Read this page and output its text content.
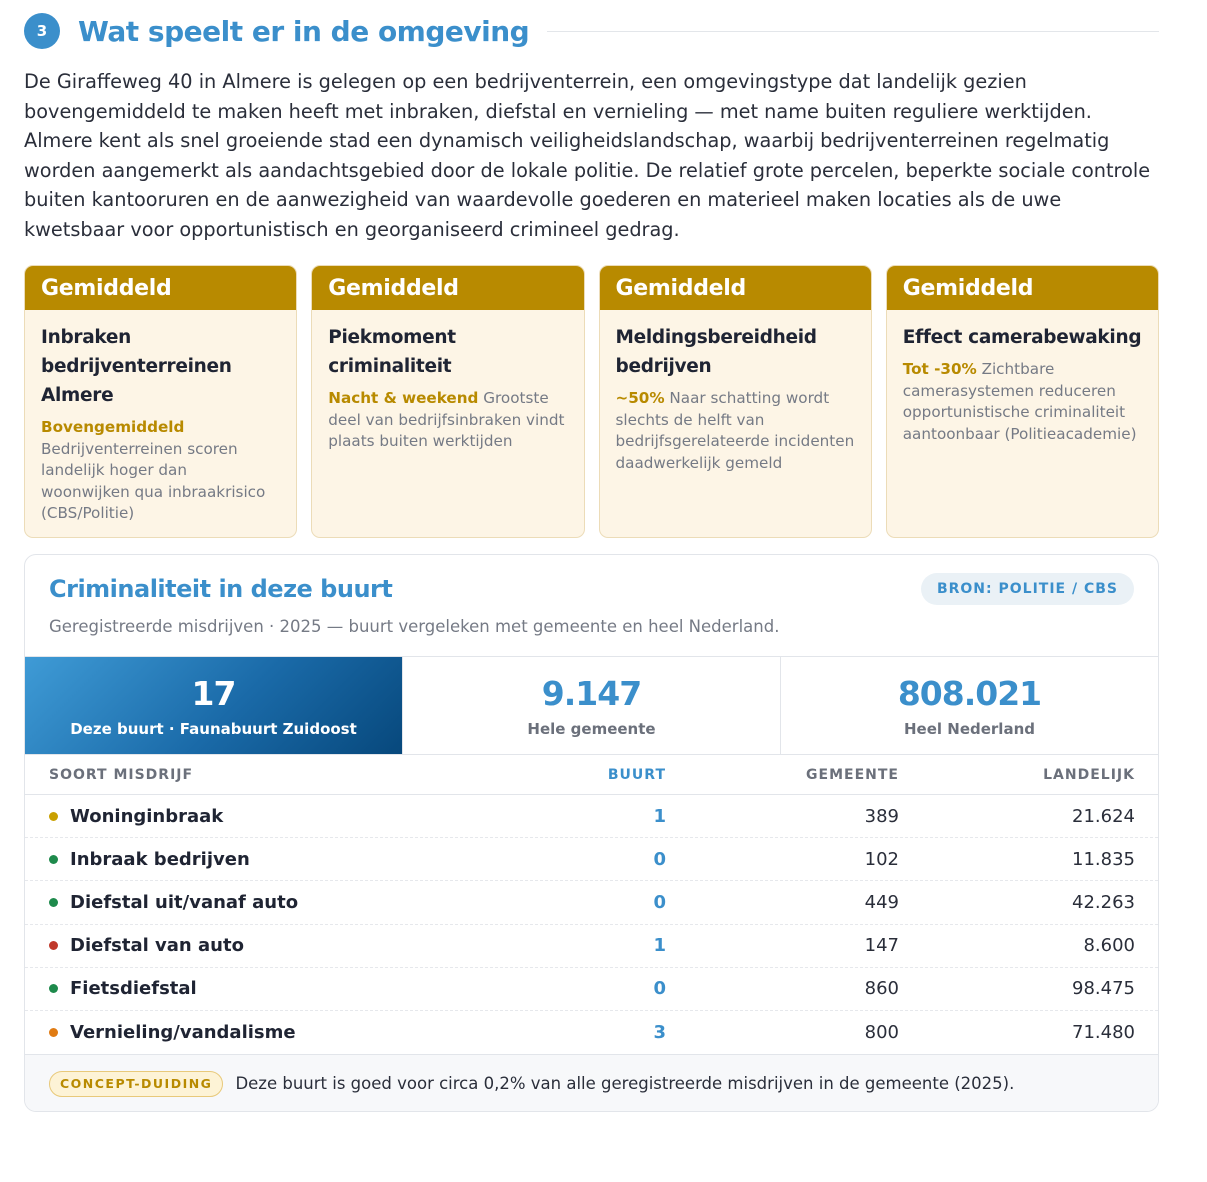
3	Wat speelt er in de omgeving

De Giraffeweg 40 in Almere is gelegen op een bedrijventerrein, een omgevingstype dat landelijk gezien bovengemiddeld te maken heeft met inbraken, diefstal en vernieling — met name buiten reguliere werktijden. Almere kent als snel groeiende stad een dynamisch veiligheidslandschap, waarbij bedrijventerreinen regelmatig worden aangemerkt als aandachtsgebied door de lokale politie. De relatief grote percelen, beperkte sociale controle buiten kantooruren en de aanwezigheid van waardevolle goederen en materieel maken locaties als de uwe kwetsbaar voor opportunistisch en georganiseerd crimineel gedrag.

Gemiddeld
Inbraken bedrijventerreinen Almere
Bovengemiddeld
Bedrijventerreinen scoren landelijk hoger dan woonwijken qua inbraakrisico (CBS/Politie)
Gemiddeld
Piekmoment criminaliteit
Nacht & weekend Grootste deel van bedrijfsinbraken vindt plaats buiten werktijden
Gemiddeld
Meldingsbereidheid bedrijven
~50% Naar schatting wordt slechts de helft van bedrijfsgerelateerde incidenten daadwerkelijk gemeld
Gemiddeld
Effect camerabewaking
Tot -30% Zichtbare camerasystemen reduceren opportunistische criminaliteit aantoonbaar (Politieacademie)
Criminaliteit in deze buurt	BRON: POLITIE / CBS
Geregistreerde misdrijven · 2025 — buurt vergeleken met gemeente en heel Nederland.
17
Deze buurt · Faunabuurt Zuidoost
9.147
Hele gemeente
808.021
Heel Nederland
SOORT MISDRIJF	BUURT	GEMEENTE	LANDELIJK
Woninginbraak	1	389	21.624
Inbraak bedrijven	0	102	11.835
Diefstal uit/vanaf auto	0	449	42.263
Diefstal van auto	1	147	8.600
Fietsdiefstal	0	860	98.475
Vernieling/vandalisme	3	800	71.480
CONCEPT-DUIDING	Deze buurt is goed voor circa 0,2% van alle geregistreerde misdrijven in de gemeente (2025).
